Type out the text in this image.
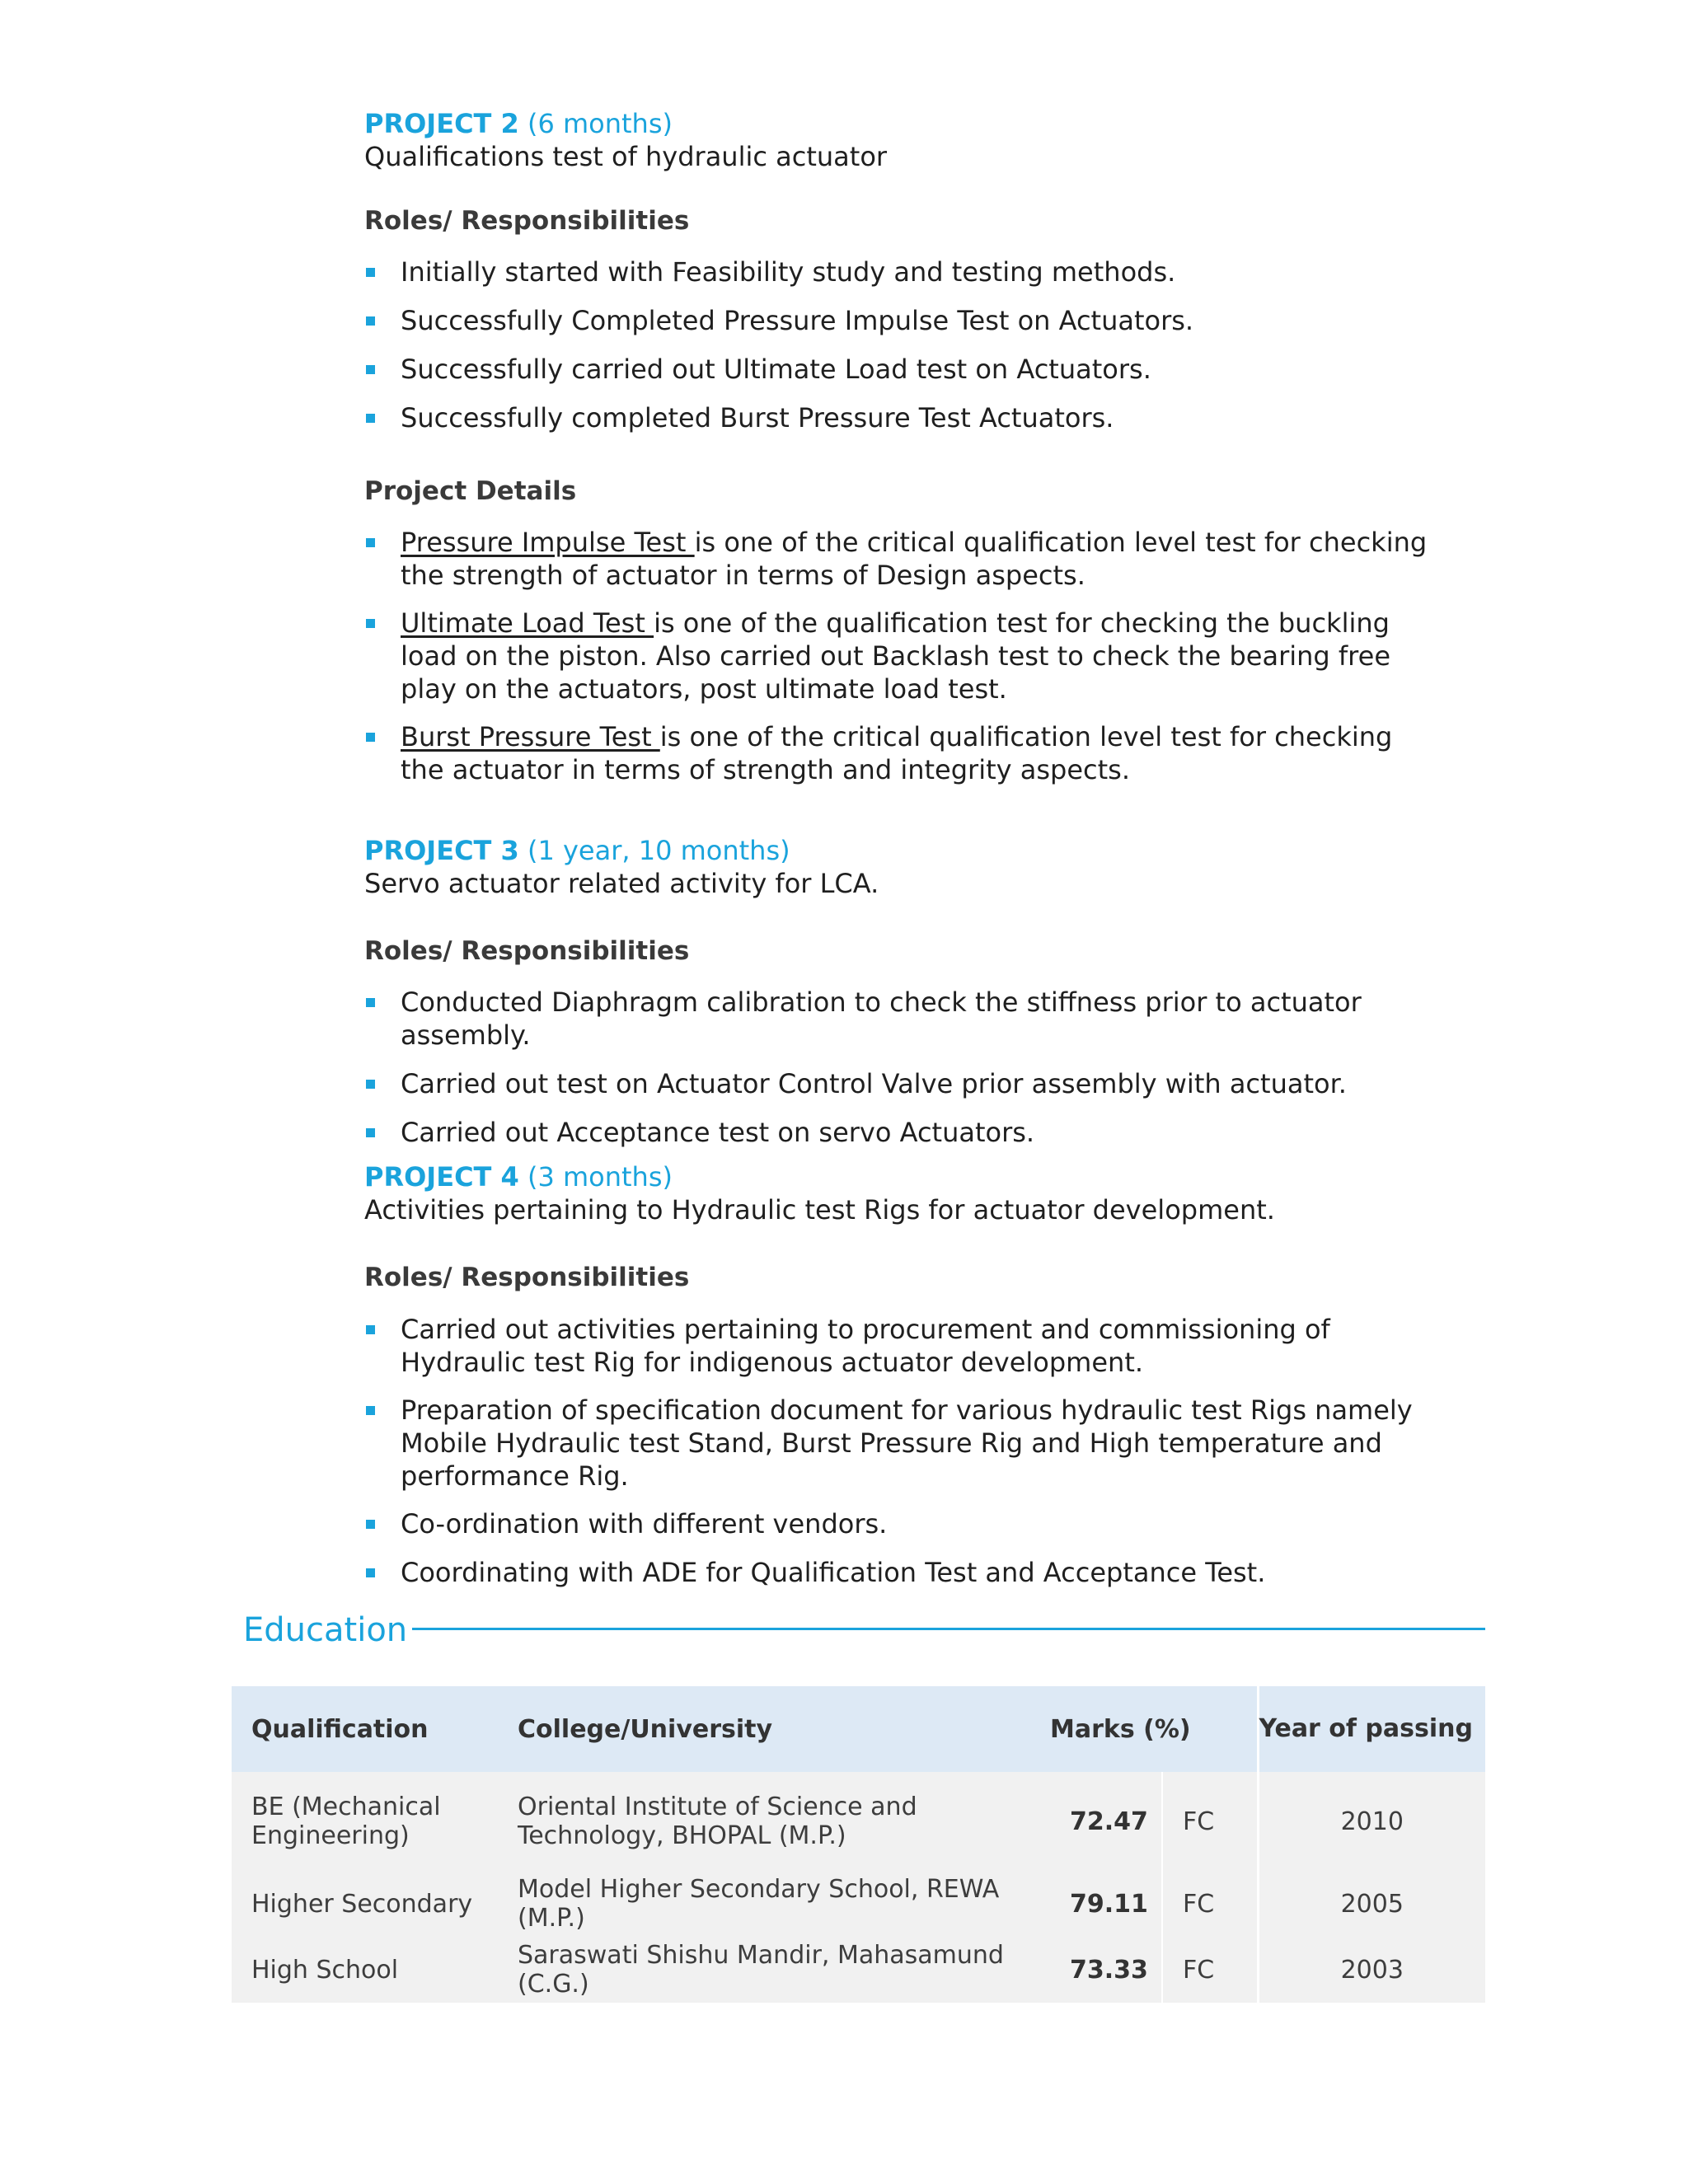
PROJECT 2 (6 months)
Qualifications test of hydraulic actuator
Roles/ Responsibilities
Initially started with Feasibility study and testing methods.
Successfully Completed Pressure Impulse Test on Actuators.
Successfully carried out Ultimate Load test on Actuators.
Successfully completed Burst Pressure Test Actuators.
Project Details
Pressure Impulse Test is one of the critical qualification level test for checking the strength of actuator in terms of Design aspects.
Ultimate Load Test is one of the qualification test for checking the buckling load on the piston. Also carried out Backlash test to check the bearing free play on the actuators, post ultimate load test.
Burst Pressure Test is one of the critical qualification level test for checking the actuator in terms of strength and integrity aspects.
PROJECT 3 (1 year, 10 months)
Servo actuator related activity for LCA.
Roles/ Responsibilities
Conducted Diaphragm calibration to check the stiffness prior to actuator assembly.
Carried out test on Actuator Control Valve prior assembly with actuator.
Carried out Acceptance test on servo Actuators.
PROJECT 4 (3 months)
Activities pertaining to Hydraulic test Rigs for actuator development.
Roles/ Responsibilities
Carried out activities pertaining to procurement and commissioning of Hydraulic test Rig for indigenous actuator development.
Preparation of specification document for various hydraulic test Rigs namely Mobile Hydraulic test Stand, Burst Pressure Rig and High temperature and performance Rig.
Co-ordination with different vendors.
Coordinating with ADE for Qualification Test and Acceptance Test.
Education
Qualification	College/University	Marks (%)		Year of passing
BE (Mechanical Engineering)	Oriental Institute of Science and Technology, BHOPAL (M.P.)	72.47	FC	2010
Higher Secondary	Model Higher Secondary School, REWA (M.P.)	79.11	FC	2005
High School	Saraswati Shishu Mandir, Mahasamund (C.G.)	73.33	FC	2003
